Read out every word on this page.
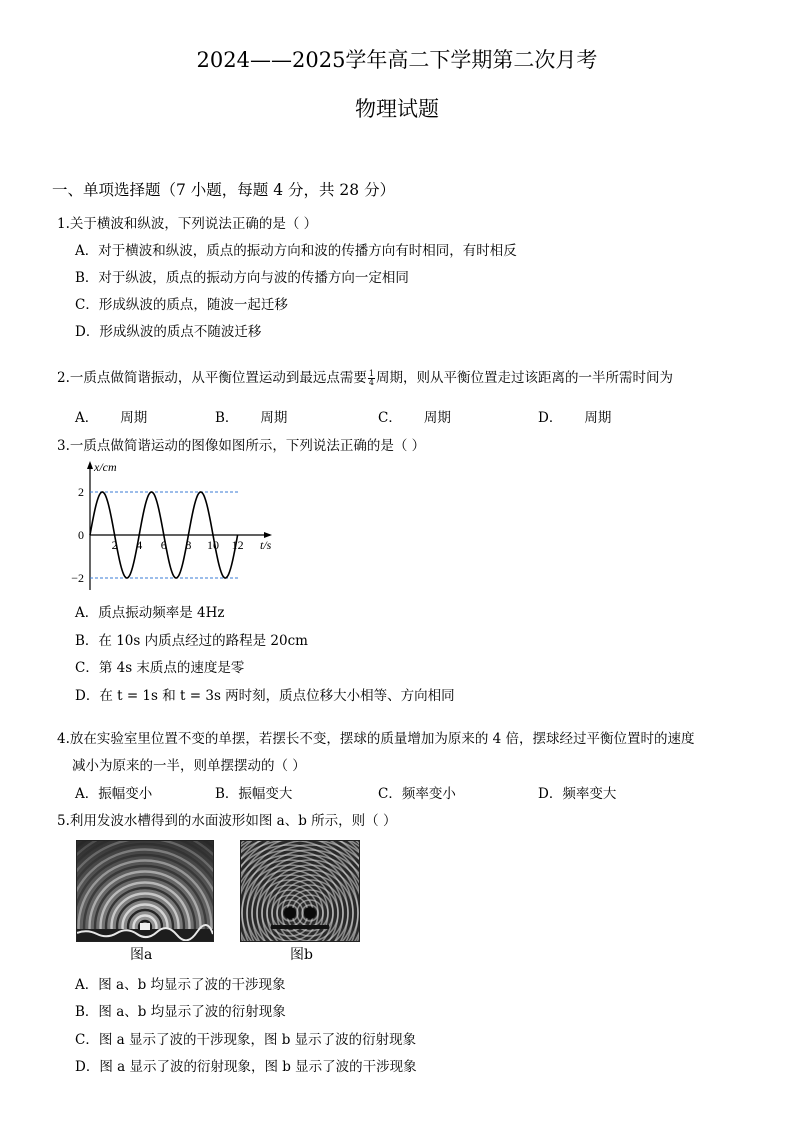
2024——2025学年高二下学期第二次月考
物理试题
一、单项选择题（7 小题，每题 4 分，共 28 分）
1.关于横波和纵波，下列说法正确的是（ ）
A．对于横波和纵波，质点的振动方向和波的传播方向有时相同，有时相反
B．对于纵波，质点的振动方向与波的传播方向一定相同
C．形成纵波的质点，随波一起迁移
D．形成纵波的质点不随波迁移
2.一质点做简谐振动，从平衡位置运动到最远点需要 $\frac{1}{4}$ 周期，则从平衡位置走过该距离的一半所需时间为
A． 周期	B． 周期	C． 周期	D． 周期
3.一质点做简谐运动的图像如图所示，下列说法正确的是（ ）
2 4 6 8 10 12
2
0
−2
x/cm
t/s
A．质点振动频率是 4Hz
B．在 10s 内质点经过的路程是 20cm
C．第 4s 末质点的速度是零
D．在 t = 1s 和 t = 3s 两时刻，质点位移大小相等、方向相同
4.放在实验室里位置不变的单摆，若摆长不变，摆球的质量增加为原来的 4 倍，摆球经过平衡位置时的速度
减小为原来的一半，则单摆摆动的（ ）
A．振幅变小	B．振幅变大	C．频率变小	D．频率变大
5.利用发波水槽得到的水面波形如图 a、b 所示，则（ ）
图a	图b
A．图 a、b 均显示了波的干涉现象
B．图 a、b 均显示了波的衍射现象
C．图 a 显示了波的干涉现象，图 b 显示了波的衍射现象
D．图 a 显示了波的衍射现象，图 b 显示了波的干涉现象
